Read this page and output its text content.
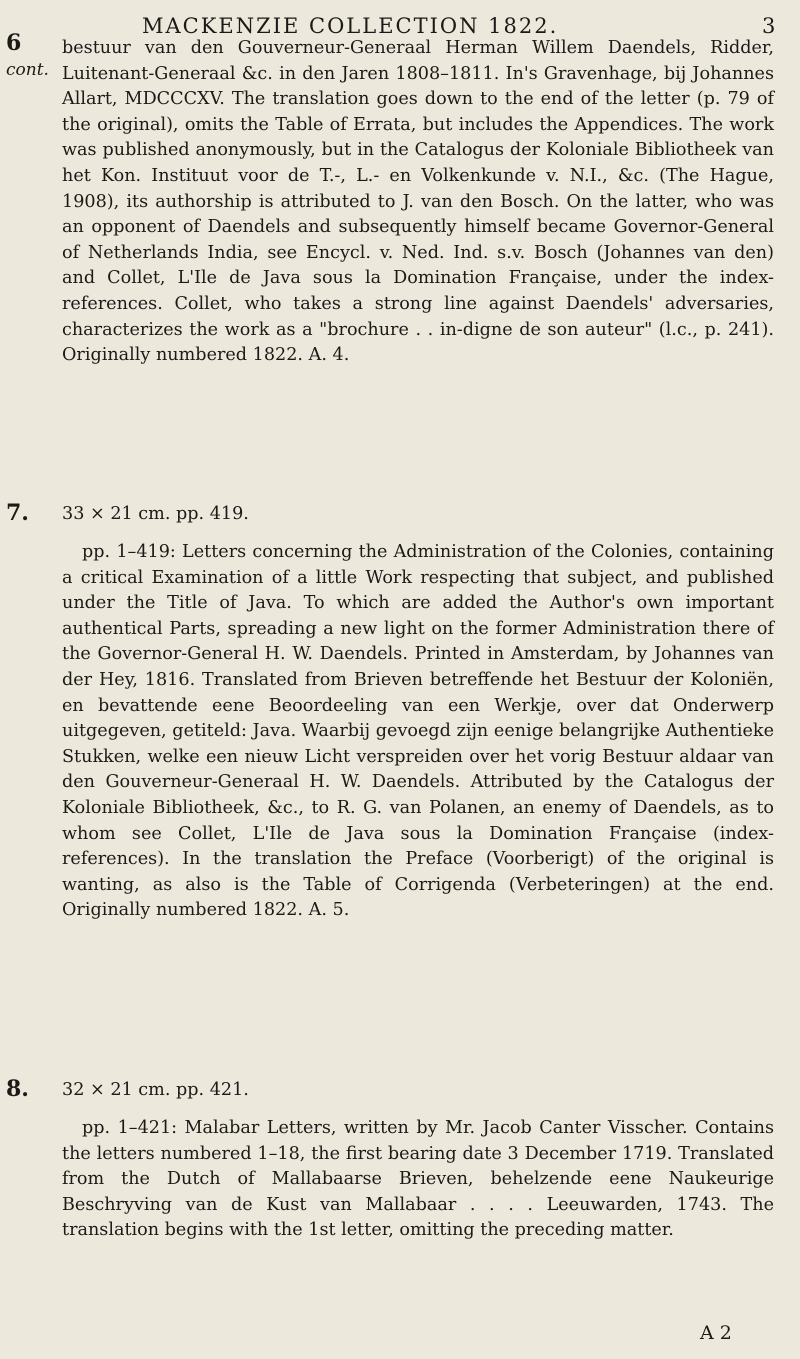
MACKENZIE COLLECTION 1822.	3
6
cont.
bestuur van den Gouverneur-Generaal Herman Willem Daendels, Ridder, Luitenant-Generaal &c. in den Jaren 1808–1811. In's Gravenhage, bij Johannes Allart, MDCCCXV. The translation goes down to the end of the letter (p. 79 of the original), omits the Table of Errata, but includes the Appendices. The work was published anonymously, but in the Catalogus der Koloniale Bibliotheek van het Kon. Instituut voor de T.-, L.- en Volkenkunde v. N.I., &c. (The Hague, 1908), its authorship is attributed to J. van den Bosch. On the latter, who was an opponent of Daendels and subsequently himself became Governor-General of Netherlands India, see Encycl. v. Ned. Ind. s.v. Bosch (Johannes van den) and Collet, L'Ile de Java sous la Domination Française, under the index-references. Collet, who takes a strong line against Daendels' adversaries, characterizes the work as a "brochure . . in-digne de son auteur" (l.c., p. 241). Originally numbered 1822. A. 4.
7. 33 × 21 cm. pp. 419.
pp. 1–419: Letters concerning the Administration of the Colonies, containing a critical Examination of a little Work respecting that subject, and published under the Title of Java. To which are added the Author's own important authentical Parts, spreading a new light on the former Administration there of the Governor-General H. W. Daendels. Printed in Amsterdam, by Johannes van der Hey, 1816. Translated from Brieven betreffende het Bestuur der Koloniën, en bevattende eene Beoordeeling van een Werkje, over dat Onderwerp uitgegeven, getiteld: Java. Waarbij gevoegd zijn eenige belangrijke Authentieke Stukken, welke een nieuw Licht verspreiden over het vorig Bestuur aldaar van den Gouverneur-Generaal H. W. Daendels. Attributed by the Catalogus der Koloniale Bibliotheek, &c., to R. G. van Polanen, an enemy of Daendels, as to whom see Collet, L'Ile de Java sous la Domination Française (index-references). In the translation the Preface (Voorberigt) of the original is wanting, as also is the Table of Corrigenda (Verbeteringen) at the end. Originally numbered 1822. A. 5.
8. 32 × 21 cm. pp. 421.
pp. 1–421: Malabar Letters, written by Mr. Jacob Canter Visscher. Contains the letters numbered 1–18, the first bearing date 3 December 1719. Translated from the Dutch of Mallabaarse Brieven, behelzende eene Naukeurige Beschryving van de Kust van Mallabaar . . . . Leeuwarden, 1743. The translation begins with the 1st letter, omitting the preceding matter.
A 2
